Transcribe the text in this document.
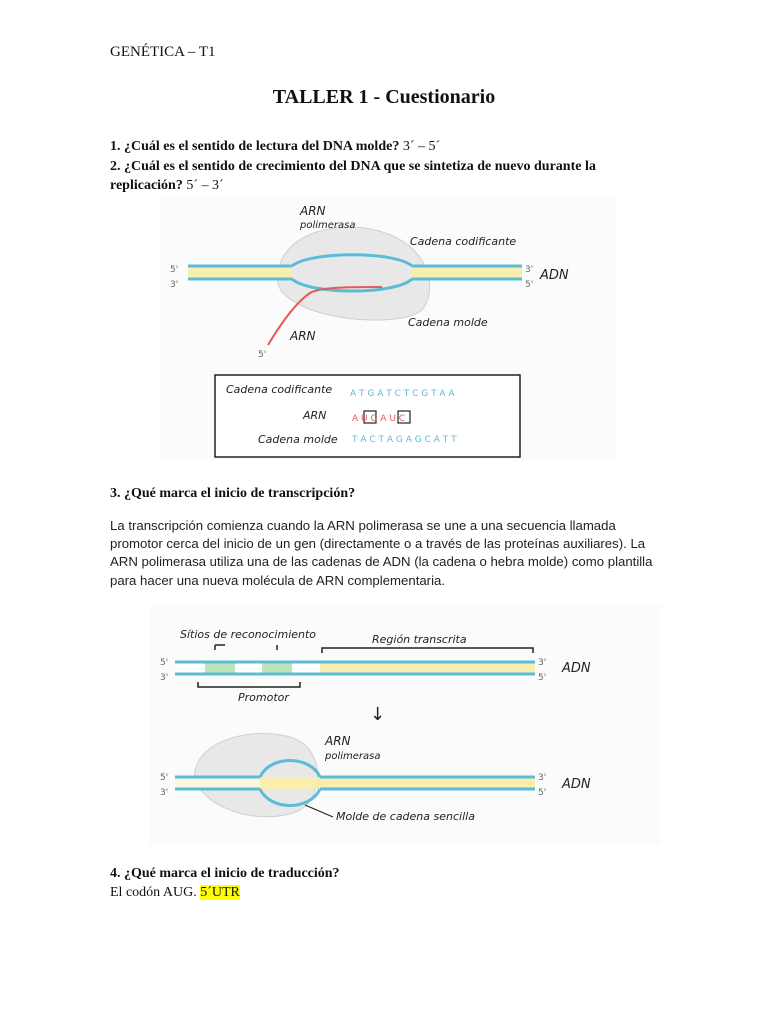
GENÉTICA – T1
TALLER 1 - Cuestionario
1. ¿Cuál es el sentido de lectura del DNA molde? 3´ – 5´
2. ¿Cuál es el sentido de crecimiento del DNA que se sintetiza de nuevo durante la replicación? 5´ – 3´
5'
3'
3'
5'
5'
ARN
polimerasa
Cadena codificante
ADN
ARN
Cadena molde
Cadena codificante A T G A T C T C G T A A
ARN	A U G A U C
Cadena molde T A C T A G A G C A T T
3. ¿Qué marca el inicio de transcripción?
La transcripción comienza cuando la ARN polimerasa se une a una secuencia llamada promotor cerca del inicio de un gen (directamente o a través de las proteínas auxiliares). La ARN polimerasa utiliza una de las cadenas de ADN (la cadena o hebra molde) como plantilla para hacer una nueva molécula de ARN complementaria.
5'
3'
3'
5'
Sítios de reconocimiento	Región transcrita
Promotor
ADN
↓
5'
3'
3'
5'
ARN
polimerasa
ADN
Molde de cadena sencilla
4. ¿Qué marca el inicio de traducción?
El codón AUG. 5´UTR
